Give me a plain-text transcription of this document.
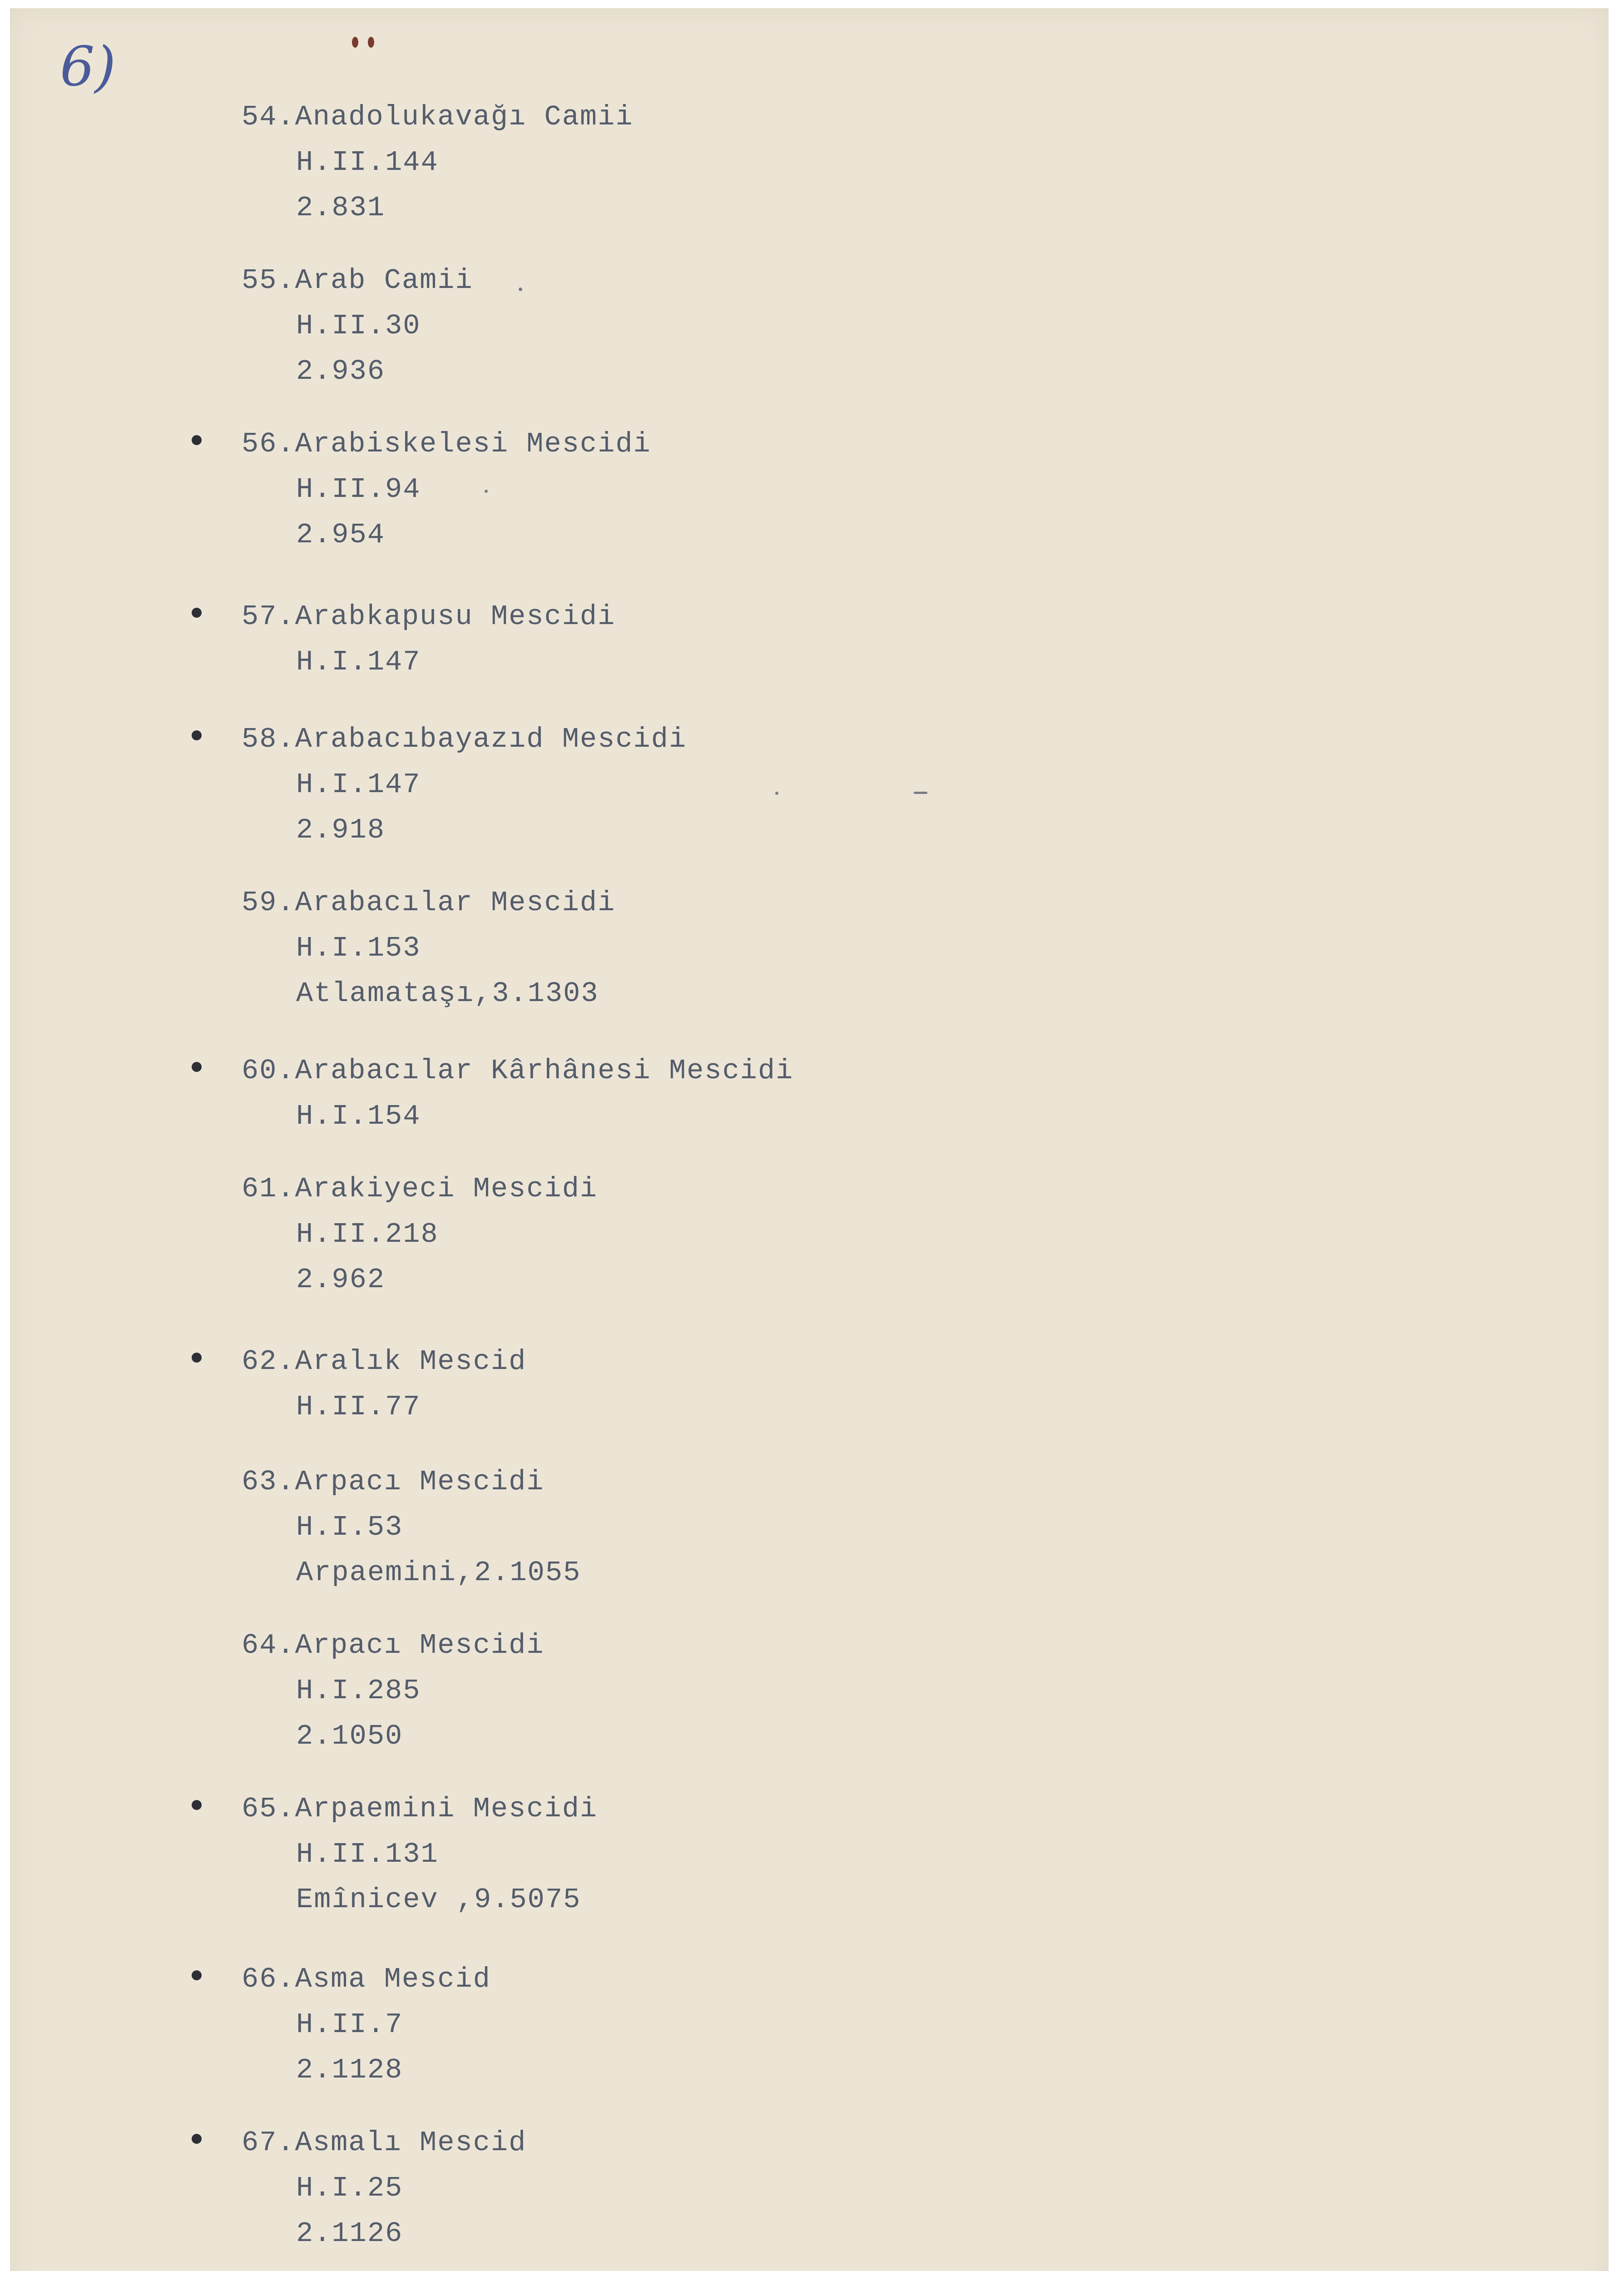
6)
54.Anadolukavağı Camii
H.II.144
2.831
55.Arab Camii
H.II.30
2.936
56.Arabiskelesi Mescidi
H.II.94
2.954
57.Arabkapusu Mescidi
H.I.147
58.Arabacıbayazıd Mescidi
H.I.147
2.918
59.Arabacılar Mescidi
H.I.153
Atlamataşı,3.1303
60.Arabacılar Kârhânesi Mescidi
H.I.154
61.Arakiyeci Mescidi
H.II.218
2.962
62.Aralık Mescid
H.II.77
63.Arpacı Mescidi
H.I.53
Arpaemini,2.1055
64.Arpacı Mescidi
H.I.285
2.1050
65.Arpaemini Mescidi
H.II.131
Emînicev ,9.5075
66.Asma Mescid
H.II.7
2.1128
67.Asmalı Mescid
H.I.25
2.1126
